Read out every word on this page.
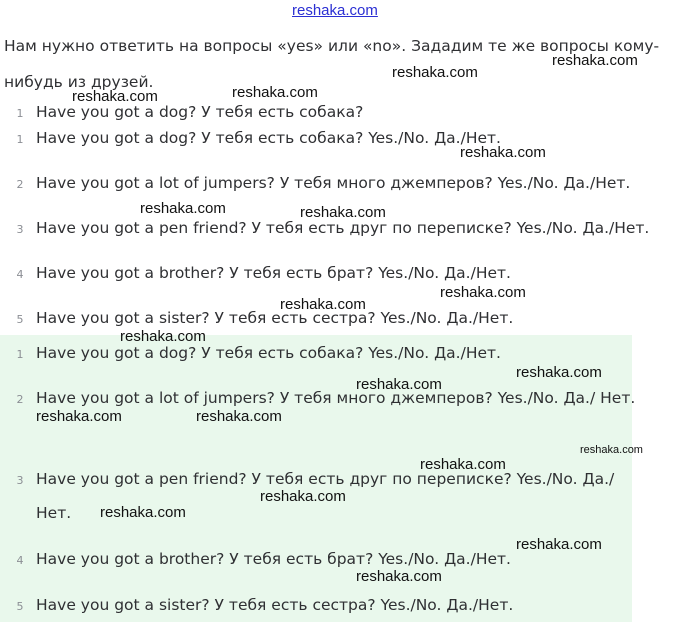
reshaka.com
Нам нужно ответить на вопросы «yes» или «no». Зададим те же вопросы кому-нибудь из друзей.
1 Have you got a dog? У тебя есть собака?
1 Have you got a dog? У тебя есть собака? Yes./No. Да./Нет.
2 Have you got a lot of jumpers? У тебя много джемперов? Yes./No. Да./Нет.
3 Have you got a pen friend? У тебя есть друг по переписке? Yes./No. Да./Нет.
4 Have you got a brother? У тебя есть брат? Yes./No. Да./Нет.
5 Have you got a sister? У тебя есть сестра? Yes./No. Да./Нет.
1 Have you got a dog? У тебя есть собака? Yes./No. Да./Нет.
2 Have you got a lot of jumpers? У тебя много джемперов? Yes./No. Да./ Нет.
3 Have you got a pen friend? У тебя есть друг по переписке? Yes./No. Да./ Нет.
4 Have you got a brother? У тебя есть брат? Yes./No. Да./Нет.
5 Have you got a sister? У тебя есть сестра? Yes./No. Да./Нет.
reshaka.com
reshaka.com
reshaka.com	reshaka.com
reshaka.com
reshaka.com	reshaka.com
reshaka.com
reshaka.com
reshaka.com
reshaka.com
reshaka.com
reshaka.com	reshaka.com
reshaka.com
reshaka.com
reshaka.com
reshaka.com
reshaka.com
reshaka.com
